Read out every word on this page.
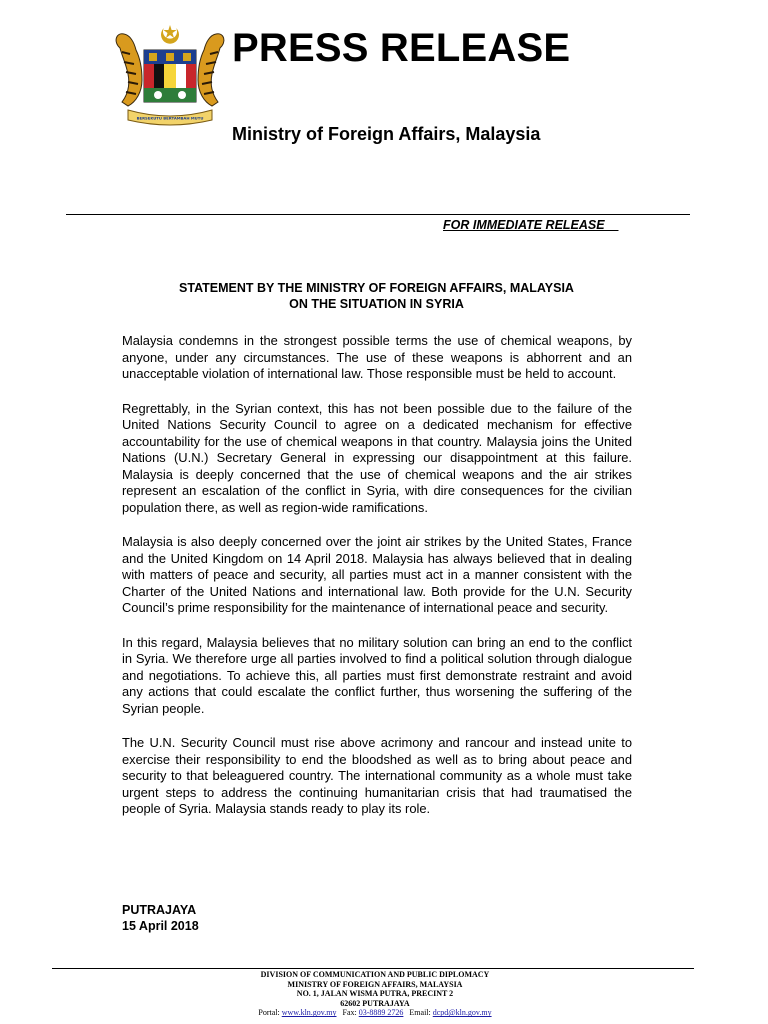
BERSEKUTU BERTAMBAH MUTU
PRESS RELEASE
Ministry of Foreign Affairs, Malaysia
FOR IMMEDIATE RELEASE
STATEMENT BY THE MINISTRY OF FOREIGN AFFAIRS, MALAYSIA
ON THE SITUATION IN SYRIA

Malaysia condemns in the strongest possible terms the use of chemical weapons, by anyone, under any circumstances. The use of these weapons is abhorrent and an unacceptable violation of international law. Those responsible must be held to account.

Regrettably, in the Syrian context, this has not been possible due to the failure of the United Nations Security Council to agree on a dedicated mechanism for effective accountability for the use of chemical weapons in that country. Malaysia joins the United Nations (U.N.) Secretary General in expressing our disappointment at this failure. Malaysia is deeply concerned that the use of chemical weapons and the air strikes represent an escalation of the conflict in Syria, with dire consequences for the civilian population there, as well as region-wide ramifications.

Malaysia is also deeply concerned over the joint air strikes by the United States, France and the United Kingdom on 14 April 2018. Malaysia has always believed that in dealing with matters of peace and security, all parties must act in a manner consistent with the Charter of the United Nations and international law. Both provide for the U.N. Security Council’s prime responsibility for the maintenance of international peace and security.

In this regard, Malaysia believes that no military solution can bring an end to the conflict in Syria. We therefore urge all parties involved to find a political solution through dialogue and negotiations. To achieve this, all parties must first demonstrate restraint and avoid any actions that could escalate the conflict further, thus worsening the suffering of the Syrian people.

The U.N. Security Council must rise above acrimony and rancour and instead unite to exercise their responsibility to end the bloodshed as well as to bring about peace and security to that beleaguered country. The international community as a whole must take urgent steps to address the continuing humanitarian crisis that had traumatised the people of Syria. Malaysia stands ready to play its role.

PUTRAJAYA
15 April 2018
DIVISION OF COMMUNICATION AND PUBLIC DIPLOMACY
MINISTRY OF FOREIGN AFFAIRS, MALAYSIA
NO. 1, JALAN WISMA PUTRA, PRECINT 2
62602 PUTRAJAYA
Portal: www.kln.gov.my Fax: 03-8889 2726 Email: dcpd@kln.gov.my
